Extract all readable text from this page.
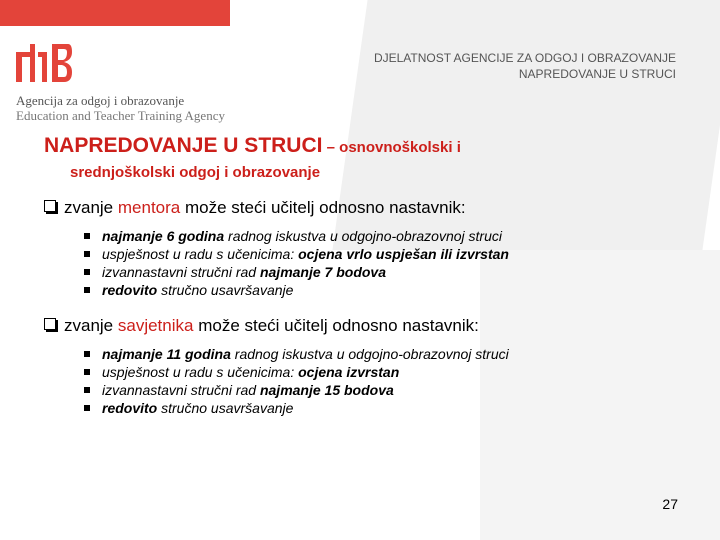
Agencija za odgoj i obrazovanje
Education and Teacher Training Agency
DJELATNOST AGENCIJE ZA ODGOJ I OBRAZOVANJE
NAPREDOVANJE U STRUCI
NAPREDOVANJE U STRUCI – osnovnoškolski i
srednjoškolski odgoj i obrazovanje
zvanje mentora može steći učitelj odnosno nastavnik:
najmanje 6 godina radnog iskustva u odgojno-obrazovnoj struci
uspješnost u radu s učenicima: ocjena vrlo uspješan ili izvrstan
izvannastavni stručni rad najmanje 7 bodova
redovito stručno usavršavanje
zvanje savjetnika može steći učitelj odnosno nastavnik:
najmanje 11 godina radnog iskustva u odgojno-obrazovnoj struci
uspješnost u radu s učenicima: ocjena izvrstan
izvannastavni stručni rad najmanje 15 bodova
redovito stručno usavršavanje
27
